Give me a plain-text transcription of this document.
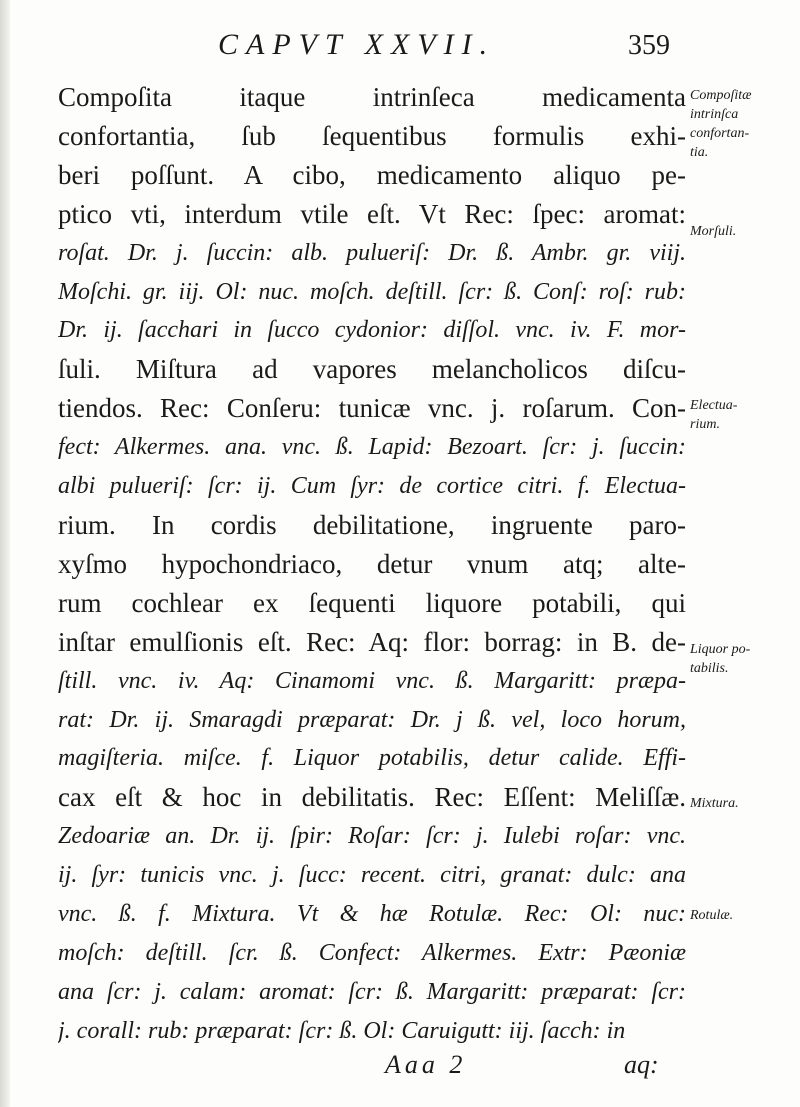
CAPVT XXVII.	359
Compoſita itaque intrinſeca medicamenta
confortantia, ſub ſequentibus formulis exhi-
beri poſſunt. A cibo, medicamento aliquo pe-
ptico vti, interdum vtile eſt. Vt Rec: ſpec: aromat:
roſat. Dr. j. ſuccin: alb. pulueriſ: Dr. ß. Ambr. gr. viij.
Moſchi. gr. iij. Ol: nuc. moſch. deſtill. ſcr: ß. Conſ: roſ: rub:
Dr. ij. ſacchari in ſucco cydonior: diſſol. vnc. iv. F. mor-
ſuli. Miſtura ad vapores melancholicos diſcu-
tiendos. Rec: Conſeru: tunicæ vnc. j. roſarum. Con-
fect: Alkermes. ana. vnc. ß. Lapid: Bezoart. ſcr: j. ſuccin:
albi pulueriſ: ſcr: ij. Cum ſyr: de cortice citri. f. Electua-
rium. In cordis debilitatione, ingruente paro-
xyſmo hypochondriaco, detur vnum atq; alte-
rum cochlear ex ſequenti liquore potabili, qui
inſtar emulſionis eſt. Rec: Aq: flor: borrag: in B. de-
ſtill. vnc. iv. Aq: Cinamomi vnc. ß. Margaritt: præpa-
rat: Dr. ij. Smaragdi præparat: Dr. j ß. vel, loco horum,
magiſteria. miſce. f. Liquor potabilis, detur calide. Effi-
cax eſt & hoc in debilitatis. Rec: Eſſent: Meliſſæ.
Zedoariæ an. Dr. ij. ſpir: Roſar: ſcr: j. Iulebi roſar: vnc.
ij. ſyr: tunicis vnc. j. ſucc: recent. citri, granat: dulc: ana
vnc. ß. f. Mixtura. Vt & hæ Rotulæ. Rec: Ol: nuc:
moſch: deſtill. ſcr. ß. Confect: Alkermes. Extr: Pæoniæ
ana ſcr: j. calam: aromat: ſcr: ß. Margaritt: præparat: ſcr:
j. corall: rub: præparat: ſcr: ß. Ol: Caruigutt: iij. ſacch: in
Compoſitæ
intrinſca
confortan-
tia.
Morſuli.
Electua-
rium.
Liquor po-
tabilis.
Mixtura.
Rotulæ.
Aaa 2	aq:
